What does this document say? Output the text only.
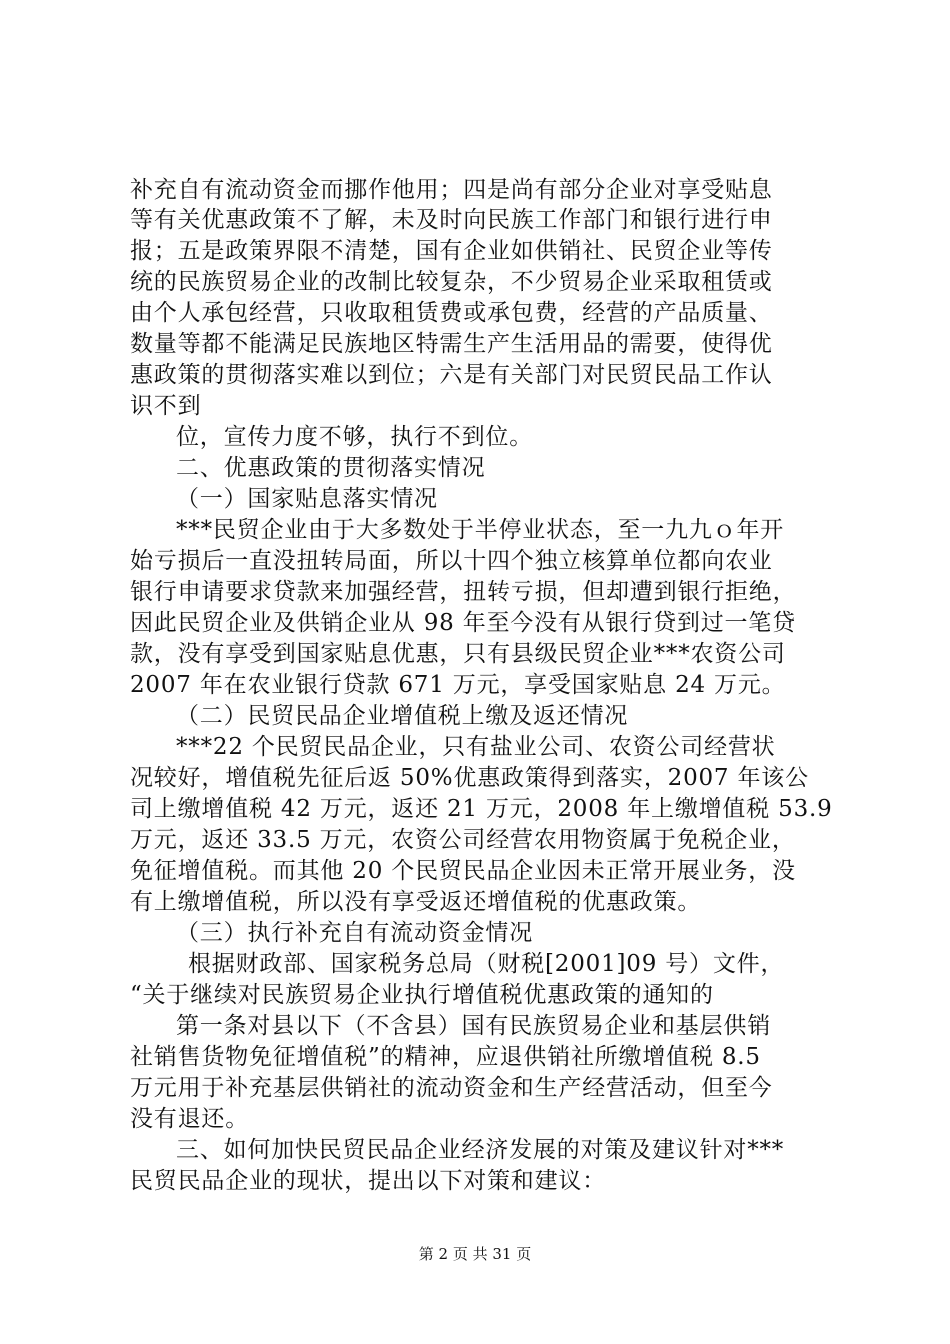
补充自有流动资金而挪作他用；四是尚有部分企业对享受贴息
等有关优惠政策不了解，未及时向民族工作部门和银行进行申
报；五是政策界限不清楚，国有企业如供销社、民贸企业等传
统的民族贸易企业的改制比较复杂，不少贸易企业采取租赁或
由个人承包经营，只收取租赁费或承包费，经营的产品质量、
数量等都不能满足民族地区特需生产生活用品的需要，使得优
惠政策的贯彻落实难以到位；六是有关部门对民贸民品工作认
识不到
位，宣传力度不够，执行不到位。
二、优惠政策的贯彻落实情况
（一）国家贴息落实情况
***民贸企业由于大多数处于半停业状态，至一九九ｏ年开
始亏损后一直没扭转局面，所以十四个独立核算单位都向农业
银行申请要求贷款来加强经营，扭转亏损，但却遭到银行拒绝，
因此民贸企业及供销企业从 98 年至今没有从银行贷到过一笔贷
款，没有享受到国家贴息优惠，只有县级民贸企业***农资公司
2007 年在农业银行贷款 671 万元，享受国家贴息 24 万元。
（二）民贸民品企业增值税上缴及返还情况
***22 个民贸民品企业，只有盐业公司、农资公司经营状
况较好，增值税先征后返 50%优惠政策得到落实，2007 年该公
司上缴增值税 42 万元，返还 21 万元，2008 年上缴增值税 53.9
万元，返还 33.5 万元，农资公司经营农用物资属于免税企业，
免征增值税。而其他 20 个民贸民品企业因未正常开展业务，没
有上缴增值税，所以没有享受返还增值税的优惠政策。
（三）执行补充自有流动资金情况
根据财政部、国家税务总局（财税[2001]09 号）文件，
“关于继续对民族贸易企业执行增值税优惠政策的通知的
第一条对县以下（不含县）国有民族贸易企业和基层供销
社销售货物免征增值税”的精神，应退供销社所缴增值税 8.5
万元用于补充基层供销社的流动资金和生产经营活动，但至今
没有退还。
三、如何加快民贸民品企业经济发展的对策及建议针对***
民贸民品企业的现状，提出以下对策和建议：
第 2 页 共 31 页
